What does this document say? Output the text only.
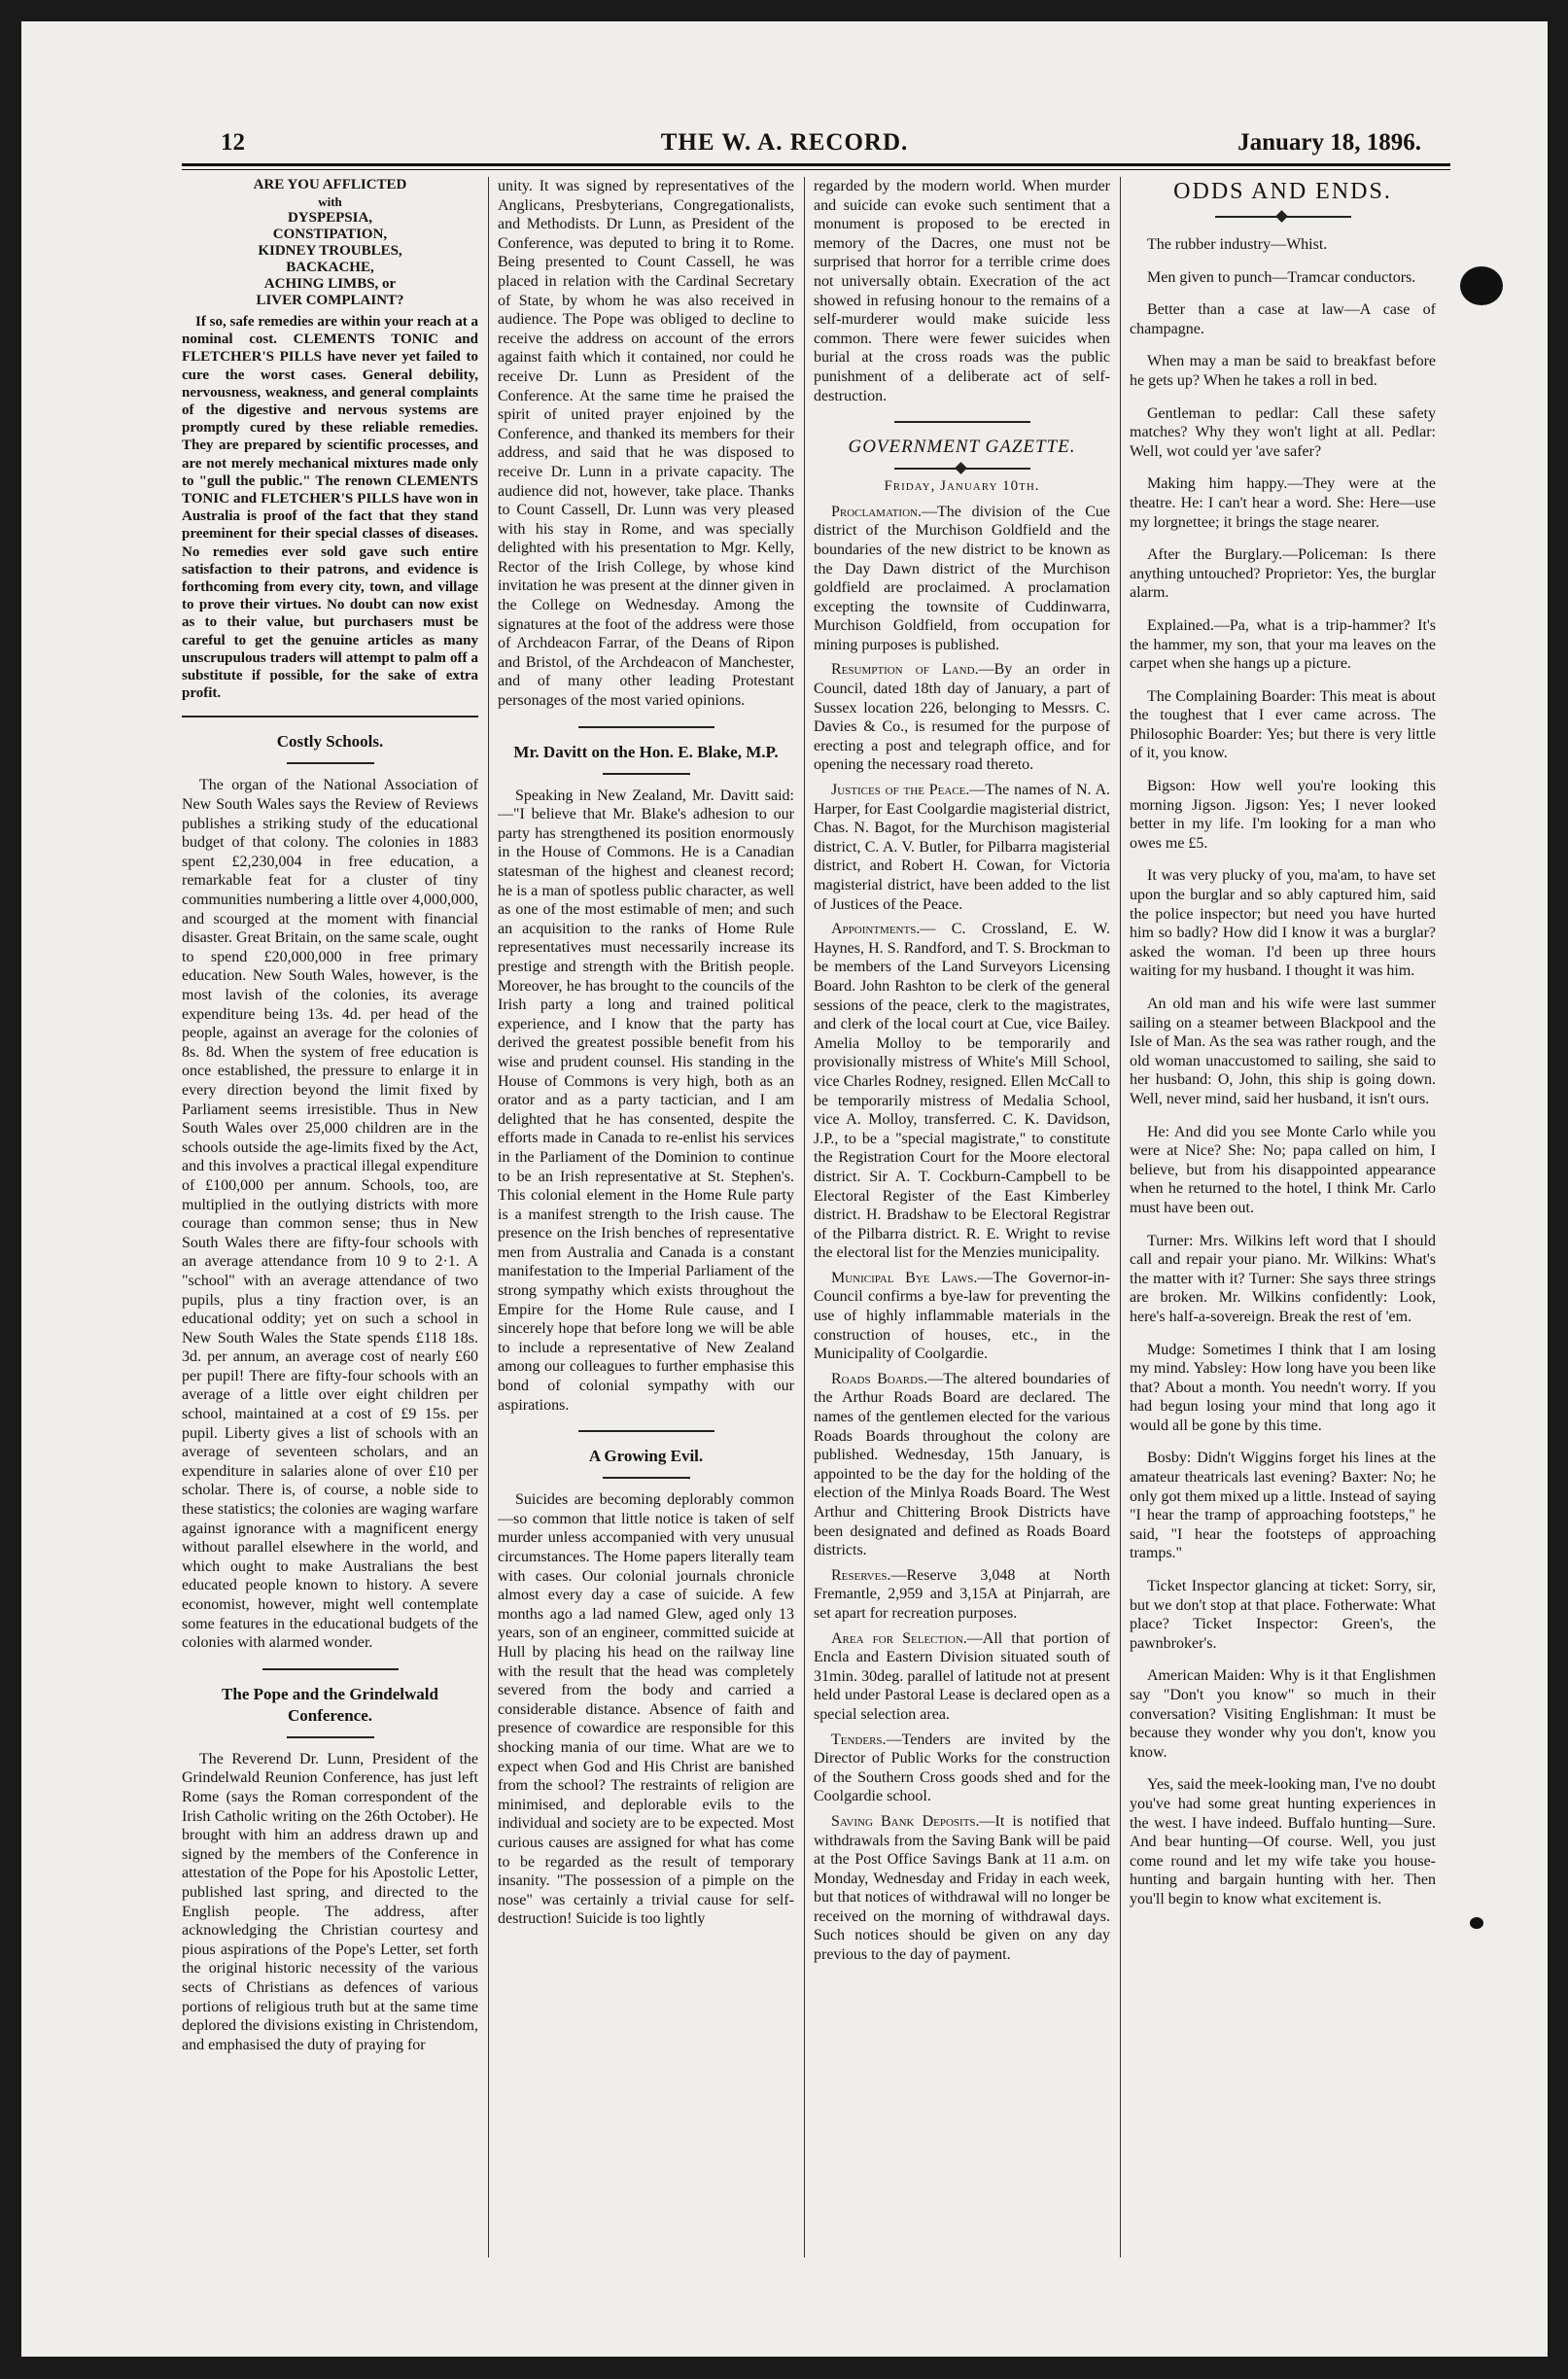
12	THE W. A. RECORD.	January 18, 1896.

ARE YOU AFFLICTED

with

DYSPEPSIA,

CONSTIPATION,

KIDNEY TROUBLES,

BACKACHE,

ACHING LIMBS, or

LIVER COMPLAINT?

If so, safe remedies are within your reach at a nominal cost. CLEMENTS TONIC and FLETCHER'S PILLS have never yet failed to cure the worst cases. General debility, nervousness, weakness, and general complaints of the digestive and nervous systems are promptly cured by these reliable remedies. They are prepared by scientific processes, and are not merely mechanical mixtures made only to "gull the public." The renown CLEMENTS TONIC and FLETCHER'S PILLS have won in Australia is proof of the fact that they stand preeminent for their special classes of diseases. No remedies ever sold gave such entire satisfaction to their patrons, and evidence is forthcoming from every city, town, and village to prove their virtues. No doubt can now exist as to their value, but purchasers must be careful to get the genuine articles as many unscrupulous traders will attempt to palm off a substitute if possible, for the sake of extra profit.

Costly Schools.

The organ of the National Association of New South Wales says the Review of Reviews publishes a striking study of the educational budget of that colony. The colonies in 1883 spent £2,230,004 in free education, a remarkable feat for a cluster of tiny communities numbering a little over 4,000,000, and scourged at the moment with financial disaster. Great Britain, on the same scale, ought to spend £20,000,000 in free primary education. New South Wales, however, is the most lavish of the colonies, its average expenditure being 13s. 4d. per head of the people, against an average for the colonies of 8s. 8d. When the system of free education is once established, the pressure to enlarge it in every direction beyond the limit fixed by Parliament seems irresistible. Thus in New South Wales over 25,000 children are in the schools outside the age-limits fixed by the Act, and this involves a practical illegal expenditure of £100,000 per annum. Schools, too, are multiplied in the outlying districts with more courage than common sense; thus in New South Wales there are fifty-four schools with an average attendance from 10 9 to 2·1. A "school" with an average attendance of two pupils, plus a tiny fraction over, is an educational oddity; yet on such a school in New South Wales the State spends £118 18s. 3d. per annum, an average cost of nearly £60 per pupil! There are fifty-four schools with an average of a little over eight children per school, maintained at a cost of £9 15s. per pupil. Liberty gives a list of schools with an average of seventeen scholars, and an expenditure in salaries alone of over £10 per scholar. There is, of course, a noble side to these statistics; the colonies are waging warfare against ignorance with a magnificent energy without parallel elsewhere in the world, and which ought to make Australians the best educated people known to history. A severe economist, however, might well contemplate some features in the educational budgets of the colonies with alarmed wonder.

The Pope and the Grindelwald Conference.

The Reverend Dr. Lunn, President of the Grindelwald Reunion Conference, has just left Rome (says the Roman correspondent of the Irish Catholic writing on the 26th October). He brought with him an address drawn up and signed by the members of the Conference in attestation of the Pope for his Apostolic Letter, published last spring, and directed to the English people. The address, after acknowledging the Christian courtesy and pious aspirations of the Pope's Letter, set forth the original historic necessity of the various sects of Christians as defences of various portions of religious truth but at the same time deplored the divisions existing in Christendom, and emphasised the duty of praying for

unity. It was signed by representatives of the Anglicans, Presbyterians, Congregationalists, and Methodists. Dr Lunn, as President of the Conference, was deputed to bring it to Rome. Being presented to Count Cassell, he was placed in relation with the Cardinal Secretary of State, by whom he was also received in audience. The Pope was obliged to decline to receive the address on account of the errors against faith which it contained, nor could he receive Dr. Lunn as President of the Conference. At the same time he praised the spirit of united prayer enjoined by the Conference, and thanked its members for their address, and said that he was disposed to receive Dr. Lunn in a private capacity. The audience did not, however, take place. Thanks to Count Cassell, Dr. Lunn was very pleased with his stay in Rome, and was specially delighted with his presentation to Mgr. Kelly, Rector of the Irish College, by whose kind invitation he was present at the dinner given in the College on Wednesday. Among the signatures at the foot of the address were those of Archdeacon Farrar, of the Deans of Ripon and Bristol, of the Archdeacon of Manchester, and of many other leading Protestant personages of the most varied opinions.

Mr. Davitt on the Hon. E. Blake, M.P.

Speaking in New Zealand, Mr. Davitt said:—"I believe that Mr. Blake's adhesion to our party has strengthened its position enormously in the House of Commons. He is a Canadian statesman of the highest and cleanest record; he is a man of spotless public character, as well as one of the most estimable of men; and such an acquisition to the ranks of Home Rule representatives must necessarily increase its prestige and strength with the British people. Moreover, he has brought to the councils of the Irish party a long and trained political experience, and I know that the party has derived the greatest possible benefit from his wise and prudent counsel. His standing in the House of Commons is very high, both as an orator and as a party tactician, and I am delighted that he has consented, despite the efforts made in Canada to re-enlist his services in the Parliament of the Dominion to continue to be an Irish representative at St. Stephen's. This colonial element in the Home Rule party is a manifest strength to the Irish cause. The presence on the Irish benches of representative men from Australia and Canada is a constant manifestation to the Imperial Parliament of the strong sympathy which exists throughout the Empire for the Home Rule cause, and I sincerely hope that before long we will be able to include a representative of New Zealand among our colleagues to further emphasise this bond of colonial sympathy with our aspirations.

A Growing Evil.

Suicides are becoming deplorably common—so common that little notice is taken of self murder unless accompanied with very unusual circumstances. The Home papers literally team with cases. Our colonial journals chronicle almost every day a case of suicide. A few months ago a lad named Glew, aged only 13 years, son of an engineer, committed suicide at Hull by placing his head on the railway line with the result that the head was completely severed from the body and carried a considerable distance. Absence of faith and presence of cowardice are responsible for this shocking mania of our time. What are we to expect when God and His Christ are banished from the school? The restraints of religion are minimised, and deplorable evils to the individual and society are to be expected. Most curious causes are assigned for what has come to be regarded as the result of temporary insanity. "The possession of a pimple on the nose" was certainly a trivial cause for self-destruction! Suicide is too lightly

regarded by the modern world. When murder and suicide can evoke such sentiment that a monument is proposed to be erected in memory of the Dacres, one must not be surprised that horror for a terrible crime does not universally obtain. Execration of the act showed in refusing honour to the remains of a self-murderer would make suicide less common. There were fewer suicides when burial at the cross roads was the public punishment of a deliberate act of self-destruction.

GOVERNMENT GAZETTE.

Friday, January 10th.

Proclamation.—The division of the Cue district of the Murchison Goldfield and the boundaries of the new district to be known as the Day Dawn district of the Murchison goldfield are proclaimed. A proclamation excepting the townsite of Cuddinwarra, Murchison Goldfield, from occupation for mining purposes is published.

Resumption of Land.—By an order in Council, dated 18th day of January, a part of Sussex location 226, belonging to Messrs. C. Davies & Co., is resumed for the purpose of erecting a post and telegraph office, and for opening the necessary road thereto.

Justices of the Peace.—The names of N. A. Harper, for East Coolgardie magisterial district, Chas. N. Bagot, for the Murchison magisterial district, C. A. V. Butler, for Pilbarra magisterial district, and Robert H. Cowan, for Victoria magisterial district, have been added to the list of Justices of the Peace.

Appointments.— C. Crossland, E. W. Haynes, H. S. Randford, and T. S. Brockman to be members of the Land Surveyors Licensing Board. John Rashton to be clerk of the general sessions of the peace, clerk to the magistrates, and clerk of the local court at Cue, vice Bailey. Amelia Molloy to be temporarily and provisionally mistress of White's Mill School, vice Charles Rodney, resigned. Ellen McCall to be temporarily mistress of Medalia School, vice A. Molloy, transferred. C. K. Davidson, J.P., to be a "special magistrate," to constitute the Registration Court for the Moore electoral district. Sir A. T. Cockburn-Campbell to be Electoral Register of the East Kimberley district. H. Bradshaw to be Electoral Registrar of the Pilbarra district. R. E. Wright to revise the electoral list for the Menzies municipality.

Municipal Bye Laws.—The Governor-in-Council confirms a bye-law for preventing the use of highly inflammable materials in the construction of houses, etc., in the Municipality of Coolgardie.

Roads Boards.—The altered boundaries of the Arthur Roads Board are declared. The names of the gentlemen elected for the various Roads Boards throughout the colony are published. Wednesday, 15th January, is appointed to be the day for the holding of the election of the Minlya Roads Board. The West Arthur and Chittering Brook Districts have been designated and defined as Roads Board districts.

Reserves.—Reserve 3,048 at North Fremantle, 2,959 and 3,15A at Pinjarrah, are set apart for recreation purposes.

Area for Selection.—All that portion of Encla and Eastern Division situated south of 31min. 30deg. parallel of latitude not at present held under Pastoral Lease is declared open as a special selection area.

Tenders.—Tenders are invited by the Director of Public Works for the construction of the Southern Cross goods shed and for the Coolgardie school.

Saving Bank Deposits.—It is notified that withdrawals from the Saving Bank will be paid at the Post Office Savings Bank at 11 a.m. on Monday, Wednesday and Friday in each week, but that notices of withdrawal will no longer be received on the morning of withdrawal days. Such notices should be given on any day previous to the day of payment.

ODDS AND ENDS.

The rubber industry—Whist.

Men given to punch—Tramcar conductors.

Better than a case at law—A case of champagne.

When may a man be said to breakfast before he gets up? When he takes a roll in bed.

Gentleman to pedlar: Call these safety matches? Why they won't light at all. Pedlar: Well, wot could yer 'ave safer?

Making him happy.—They were at the theatre. He: I can't hear a word. She: Here—use my lorgnettee; it brings the stage nearer.

After the Burglary.—Policeman: Is there anything untouched? Proprietor: Yes, the burglar alarm.

Explained.—Pa, what is a trip-hammer? It's the hammer, my son, that your ma leaves on the carpet when she hangs up a picture.

The Complaining Boarder: This meat is about the toughest that I ever came across. The Philosophic Boarder: Yes; but there is very little of it, you know.

Bigson: How well you're looking this morning Jigson. Jigson: Yes; I never looked better in my life. I'm looking for a man who owes me £5.

It was very plucky of you, ma'am, to have set upon the burglar and so ably captured him, said the police inspector; but need you have hurted him so badly? How did I know it was a burglar? asked the woman. I'd been up three hours waiting for my husband. I thought it was him.

An old man and his wife were last summer sailing on a steamer between Blackpool and the Isle of Man. As the sea was rather rough, and the old woman unaccustomed to sailing, she said to her husband: O, John, this ship is going down. Well, never mind, said her husband, it isn't ours.

He: And did you see Monte Carlo while you were at Nice? She: No; papa called on him, I believe, but from his disappointed appearance when he returned to the hotel, I think Mr. Carlo must have been out.

Turner: Mrs. Wilkins left word that I should call and repair your piano. Mr. Wilkins: What's the matter with it? Turner: She says three strings are broken. Mr. Wilkins confidently: Look, here's half-a-sovereign. Break the rest of 'em.

Mudge: Sometimes I think that I am losing my mind. Yabsley: How long have you been like that? About a month. You needn't worry. If you had begun losing your mind that long ago it would all be gone by this time.

Bosby: Didn't Wiggins forget his lines at the amateur theatricals last evening? Baxter: No; he only got them mixed up a little. Instead of saying "I hear the tramp of approaching footsteps," he said, "I hear the footsteps of approaching tramps."

Ticket Inspector glancing at ticket: Sorry, sir, but we don't stop at that place. Fotherwate: What place? Ticket Inspector: Green's, the pawnbroker's.

American Maiden: Why is it that Englishmen say "Don't you know" so much in their conversation? Visiting Englishman: It must be because they wonder why you don't, know you know.

Yes, said the meek-looking man, I've no doubt you've had some great hunting experiences in the west. I have indeed. Buffalo hunting—Sure. And bear hunting—Of course. Well, you just come round and let my wife take you house-hunting and bargain hunting with her. Then you'll begin to know what excitement is.
